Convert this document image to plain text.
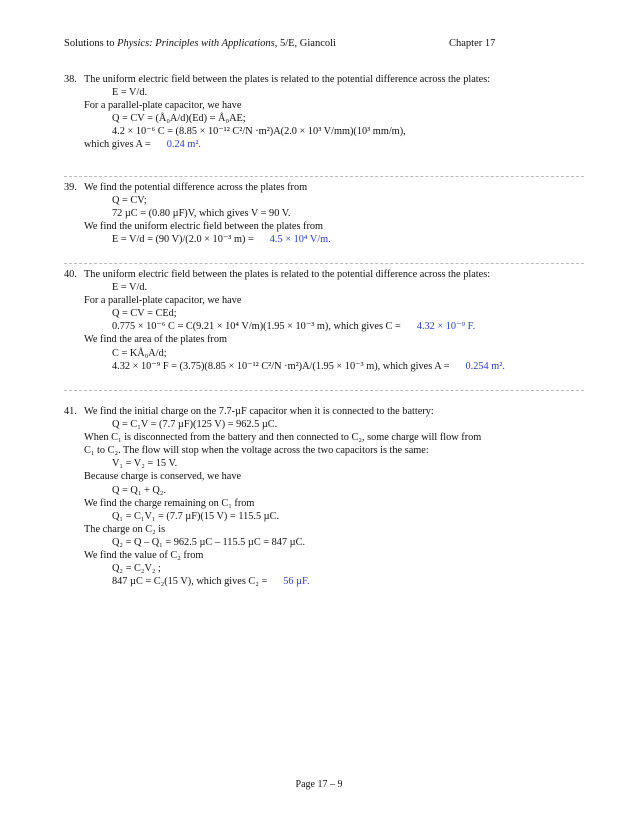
Solutions to Physics: Principles with Applications, 5/E, Giancoli	Chapter 17
38. The uniform electric field between the plates is related to the potential difference across the plates:
E = V/d.
For a parallel-plate capacitor, we have
Q = CV = (Å₀A/d)(Ed) = Å₀AE;
4.2 × 10⁻⁶ C = (8.85 × 10⁻¹² C²/N ·m²)A(2.0 × 10³ V/mm)(10³ mm/m),
which gives A = 0.24 m².
39. We find the potential difference across the plates from
Q = CV;
72 µC = (0.80 µF)V, which gives V = 90 V.
We find the uniform electric field between the plates from
E = V/d = (90 V)/(2.0 × 10⁻³ m) = 4.5 × 10⁴ V/m.
40. The uniform electric field between the plates is related to the potential difference across the plates:
E = V/d.
For a parallel-plate capacitor, we have
Q = CV = CEd;
0.775 × 10⁻⁶ C = C(9.21 × 10⁴ V/m)(1.95 × 10⁻³ m), which gives C = 4.32 × 10⁻⁹ F.
We find the area of the plates from
C = KÅ₀A/d;
4.32 × 10⁻⁹ F = (3.75)(8.85 × 10⁻¹² C²/N ·m²)A/(1.95 × 10⁻³ m), which gives A = 0.254 m².
41. We find the initial charge on the 7.7-µF capacitor when it is connected to the battery:
Q = C₁V = (7.7 µF)(125 V) = 962.5 µC.
When C₁ is disconnected from the battery and then connected to C₂, some charge will flow from
C₁ to C₂. The flow will stop when the voltage across the two capacitors is the same:
V₁ = V₂ = 15 V.
Because charge is conserved, we have
Q = Q₁ + Q₂.
We find the charge remaining on C₁ from
Q₁ = C₁V₁ = (7.7 µF)(15 V) = 115.5 µC.
The charge on C₂ is
Q₂ = Q – Q₁ = 962.5 µC – 115.5 µC = 847 µC.
We find the value of C₂ from
Q₂ = C₂V₂ ;
847 µC = C₂(15 V), which gives C₂ = 56 µF.
Page 17 – 9
